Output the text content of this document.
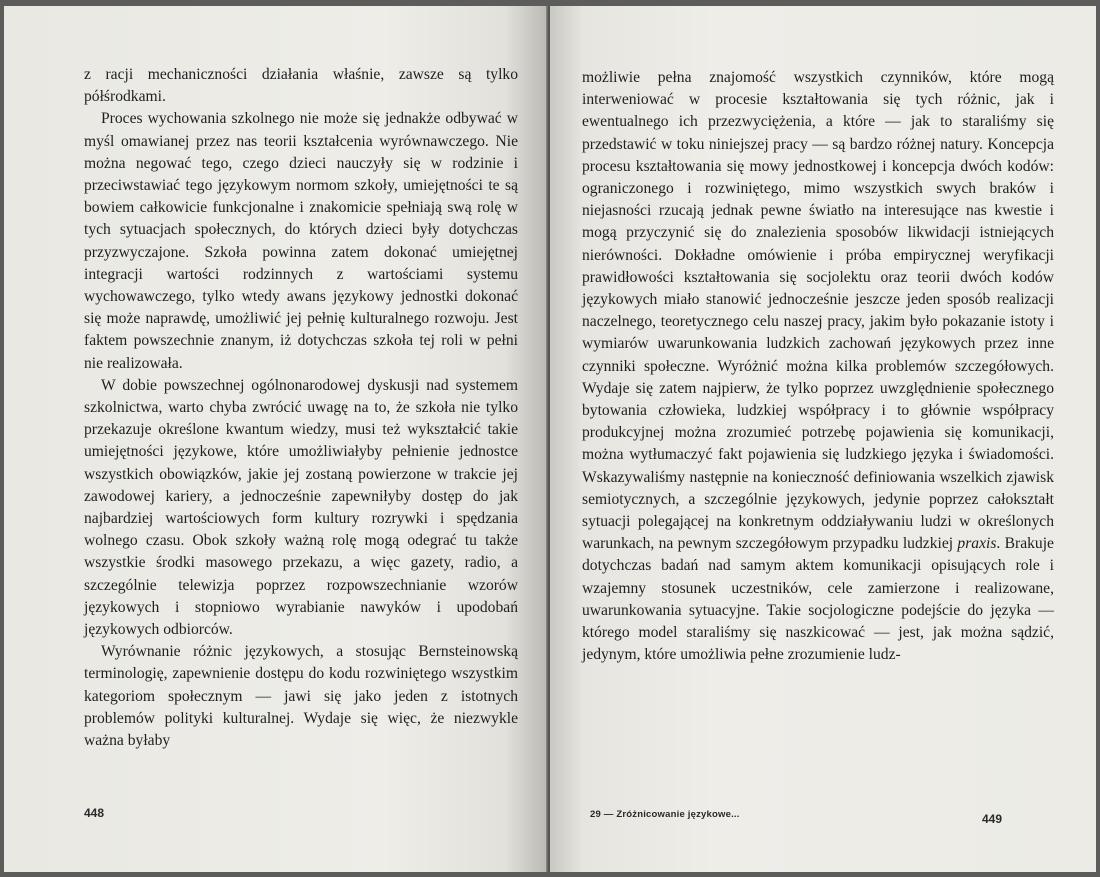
z racji mechaniczności działania właśnie, zawsze są tylko półśrodkami.

Proces wychowania szkolnego nie może się jednakże odbywać w myśl omawianej przez nas teorii kształcenia wyrównawczego. Nie można negować tego, czego dzieci nauczyły się w rodzinie i przeciwstawiać tego językowym normom szkoły, umiejętności te są bowiem całkowicie funkcjonalne i znakomicie spełniają swą rolę w tych sytuacjach społecznych, do których dzieci były dotychczas przyzwyczajone. Szkoła powinna zatem dokonać umiejętnej integracji wartości rodzinnych z wartościami systemu wychowawczego, tylko wtedy awans językowy jednostki dokonać się może naprawdę, umożliwić jej pełnię kulturalnego rozwoju. Jest faktem powszechnie znanym, iż dotychczas szkoła tej roli w pełni nie realizowała.

W dobie powszechnej ogólnonarodowej dyskusji nad systemem szkolnictwa, warto chyba zwrócić uwagę na to, że szkoła nie tylko przekazuje określone kwantum wiedzy, musi też wykształcić takie umiejętności językowe, które umożliwiałyby pełnienie jednostce wszystkich obowiązków, jakie jej zostaną powierzone w trakcie jej zawodowej kariery, a jednocześnie zapewniłyby dostęp do jak najbardziej wartościowych form kultury rozrywki i spędzania wolnego czasu. Obok szkoły ważną rolę mogą odegrać tu także wszystkie środki masowego przekazu, a więc gazety, radio, a szczególnie telewizja poprzez rozpowszechnianie wzorów językowych i stopniowo wyrabianie nawyków i upodobań językowych odbiorców.

Wyrównanie różnic językowych, a stosując Bernsteinowską terminologię, zapewnienie dostępu do kodu rozwiniętego wszystkim kategoriom społecznym — jawi się jako jeden z istotnych problemów polityki kulturalnej. Wydaje się więc, że niezwykle ważna byłaby

448

możliwie pełna znajomość wszystkich czynników, które mogą interweniować w procesie kształtowania się tych różnic, jak i ewentualnego ich przezwyciężenia, a które — jak to staraliśmy się przedstawić w toku niniejszej pracy — są bardzo różnej natury. Koncepcja procesu kształtowania się mowy jednostkowej i koncepcja dwóch kodów: ograniczonego i rozwiniętego, mimo wszystkich swych braków i niejasności rzucają jednak pewne światło na interesujące nas kwestie i mogą przyczynić się do znalezienia sposobów likwidacji istniejących nierówności. Dokładne omówienie i próba empirycznej weryfikacji prawidłowości kształtowania się socjolektu oraz teorii dwóch kodów językowych miało stanowić jednocześnie jeszcze jeden sposób realizacji naczelnego, teoretycznego celu naszej pracy, jakim było pokazanie istoty i wymiarów uwarunkowania ludzkich zachowań językowych przez inne czynniki społeczne. Wyróżnić można kilka problemów szczegółowych. Wydaje się zatem najpierw, że tylko poprzez uwzględnienie społecznego bytowania człowieka, ludzkiej współpracy i to głównie współpracy produkcyjnej można zrozumieć potrzebę pojawienia się komunikacji, można wytłumaczyć fakt pojawienia się ludzkiego języka i świadomości. Wskazywaliśmy następnie na konieczność definiowania wszelkich zjawisk semiotycznych, a szczególnie językowych, jedynie poprzez całokształt sytuacji polegającej na konkretnym oddziaływaniu ludzi w określonych warunkach, na pewnym szczegółowym przypadku ludzkiej praxis. Brakuje dotychczas badań nad samym aktem komunikacji opisujących role i wzajemny stosunek uczestników, cele zamierzone i realizowane, uwarunkowania sytuacyjne. Takie socjologiczne podejście do języka — którego model staraliśmy się naszkicować — jest, jak można sądzić, jedynym, które umożliwia pełne zrozumienie ludz-

29 — Zróżnicowanie językowe...	449
